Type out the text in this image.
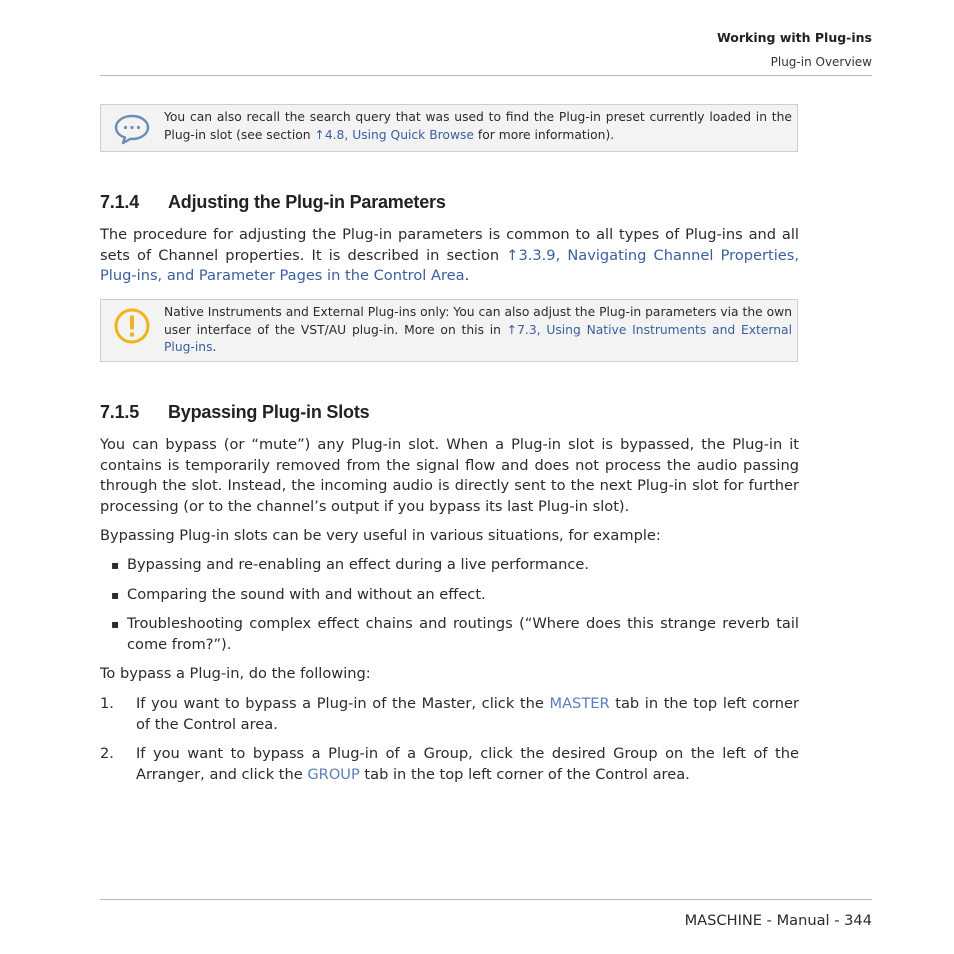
Working with Plug-ins
Plug-in Overview
You can also recall the search query that was used to find the Plug-in preset currently loaded in the Plug-in slot (see section ↑4.8, Using Quick Browse for more information).
7.1.4 Adjusting the Plug-in Parameters

The procedure for adjusting the Plug-in parameters is common to all types of Plug-ins and all sets of Channel properties. It is described in section ↑3.3.9, Navigating Channel Properties, Plug-ins, and Parameter Pages in the Control Area.

Native Instruments and External Plug-ins only: You can also adjust the Plug-in parameters via the own user interface of the VST/AU plug-in. More on this in ↑7.3, Using Native Instruments and External Plug-ins.
7.1.5 Bypassing Plug-in Slots

You can bypass (or “mute”) any Plug-in slot. When a Plug-in slot is bypassed, the Plug-in it contains is temporarily removed from the signal flow and does not process the audio passing through the slot. Instead, the incoming audio is directly sent to the next Plug-in slot for further processing (or to the channel’s output if you bypass its last Plug-in slot).

Bypassing Plug-in slots can be very useful in various situations, for example:

▪ Bypassing and re-enabling an effect during a live performance.
▪ Comparing the sound with and without an effect.
▪ Troubleshooting complex effect chains and routings (“Where does this strange reverb tail come from?”).

To bypass a Plug-in, do the following:

1. If you want to bypass a Plug-in of the Master, click the MASTER tab in the top left corner of the Control area.
2. If you want to bypass a Plug-in of a Group, click the desired Group on the left of the Arranger, and click the GROUP tab in the top left corner of the Control area.
MASCHINE - Manual - 344
